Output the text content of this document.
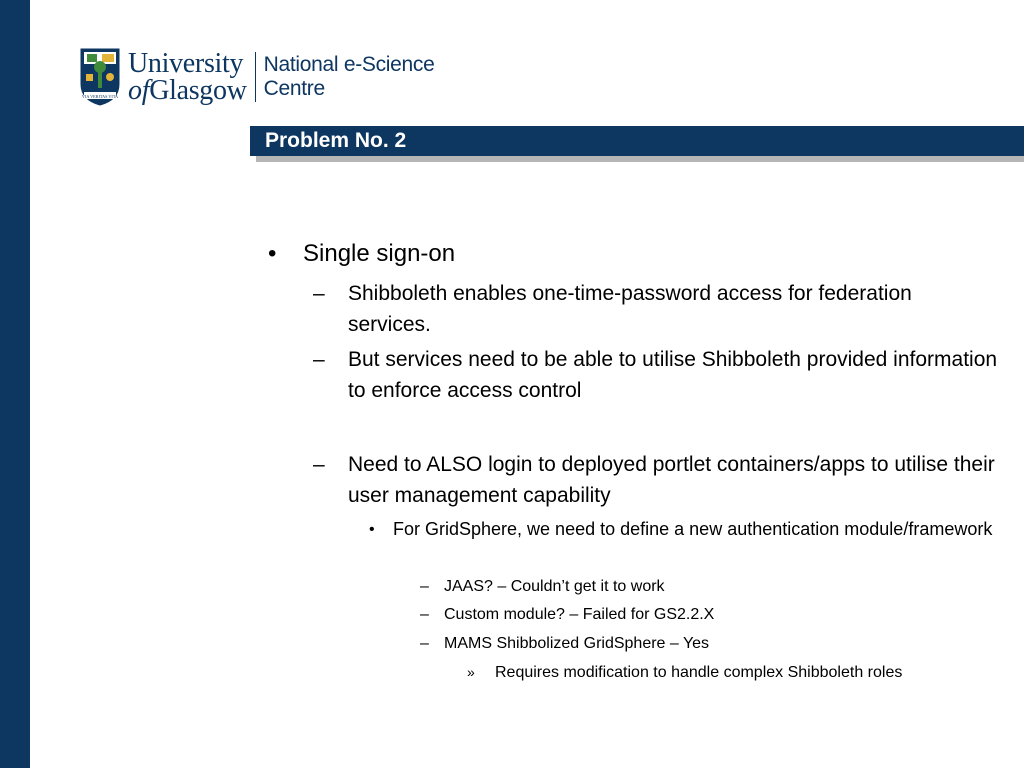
VIA VERITAS VITA
University
ofGlasgow
National e-Science
Centre
Problem No. 2
• Single sign-on
– Shibboleth enables one-time-password access for federation services.
– But services need to be able to utilise Shibboleth provided information to enforce access control
– Need to ALSO login to deployed portlet containers/apps to utilise their user management capability
• For GridSphere, we need to define a new authentication module/framework
– JAAS? – Couldn’t get it to work
– Custom module? – Failed for GS2.2.X
– MAMS Shibbolized GridSphere – Yes
» Requires modification to handle complex Shibboleth roles
